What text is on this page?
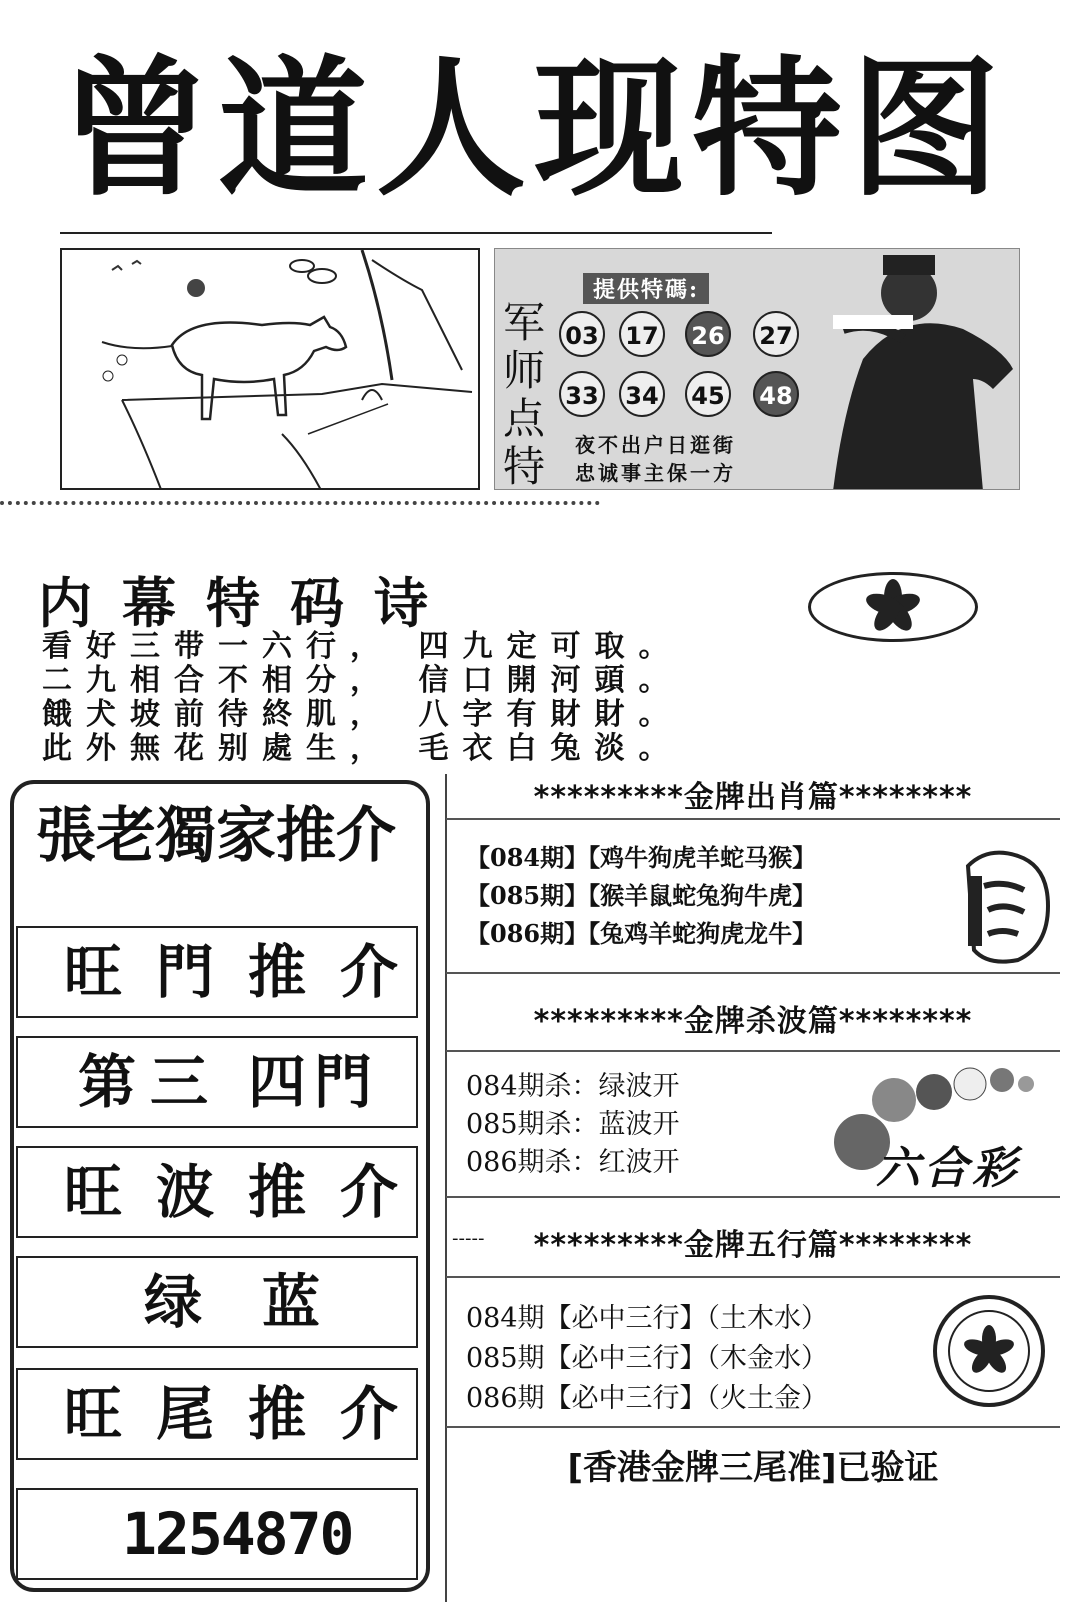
曾道人现特图
提供特碼:
军
师
点
特
03 17 26 27
33 34 45 48
夜不出户日逛街
忠诚事主保一方
内幕特码诗
看好三带一六行， 四九定可取。
二九相合不相分， 信口開河頭。
餓犬坡前待終肌， 八字有財財。
此外無花别處生， 毛衣白兔淡。
張老獨家推介
旺 門 推 介
第 三 四 門
旺 波 推 介
绿 蓝
旺 尾 推 介
1254870
*********金牌出肖篇********
【084期】【鸡牛狗虎羊蛇马猴】
【085期】【猴羊鼠蛇兔狗牛虎】
【086期】【兔鸡羊蛇狗虎龙牛】
*********金牌杀波篇********
084期杀：绿波开
085期杀：蓝波开
086期杀：红波开	六合彩
-----	*********金牌五行篇********
084期【必中三行】（土木水）
085期【必中三行】（木金水）
086期【必中三行】（火土金）
[香港金牌三尾准]已验证
